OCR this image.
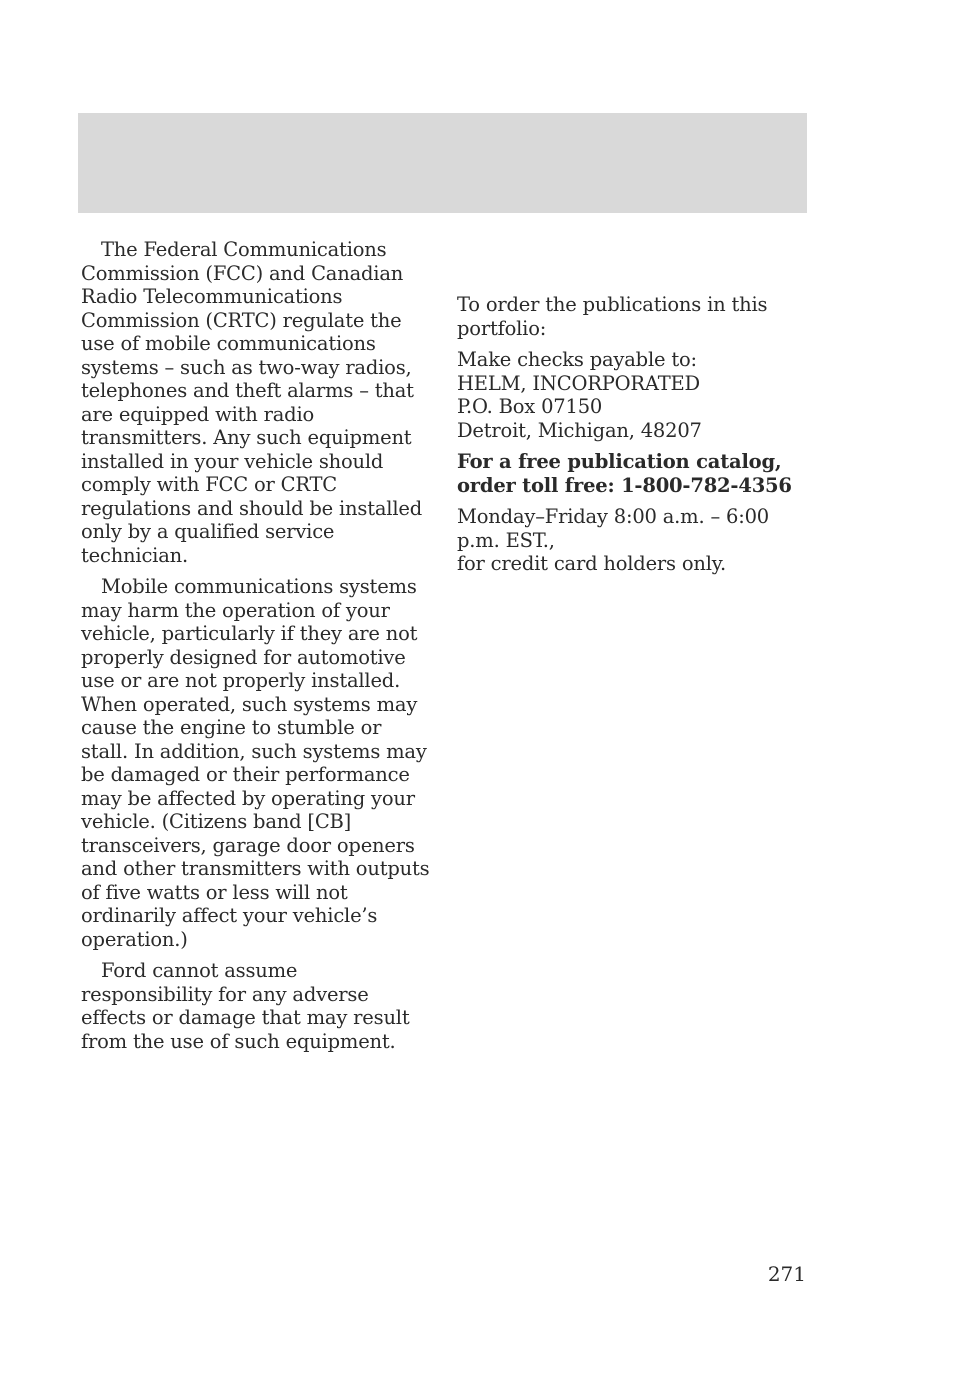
The Federal Communications Commission (FCC) and Canadian Radio Telecommunications Commission (CRTC) regulate the use of mobile communications systems – such as two-way radios, telephones and theft alarms – that are equipped with radio transmitters. Any such equipment installed in your vehicle should comply with FCC or CRTC regulations and should be installed only by a qualified service technician.

Mobile communications systems may harm the operation of your vehicle, particularly if they are not properly designed for automotive use or are not properly installed. When operated, such systems may cause the engine to stumble or stall. In addition, such systems may be damaged or their performance may be affected by operating your vehicle. (Citizens band [CB] transceivers, garage door openers and other transmitters with outputs of five watts or less will not ordinarily affect your vehicle’s operation.)

Ford cannot assume responsibility for any adverse effects or damage that may result from the use of such equipment.

To order the publications in this portfolio:

Make checks payable to:
HELM, INCORPORATED
P.O. Box 07150
Detroit, Michigan, 48207

For a free publication catalog,
order toll free: 1-800-782-4356

Monday–Friday 8:00 a.m. – 6:00 p.m. EST.,
for credit card holders only.

271
